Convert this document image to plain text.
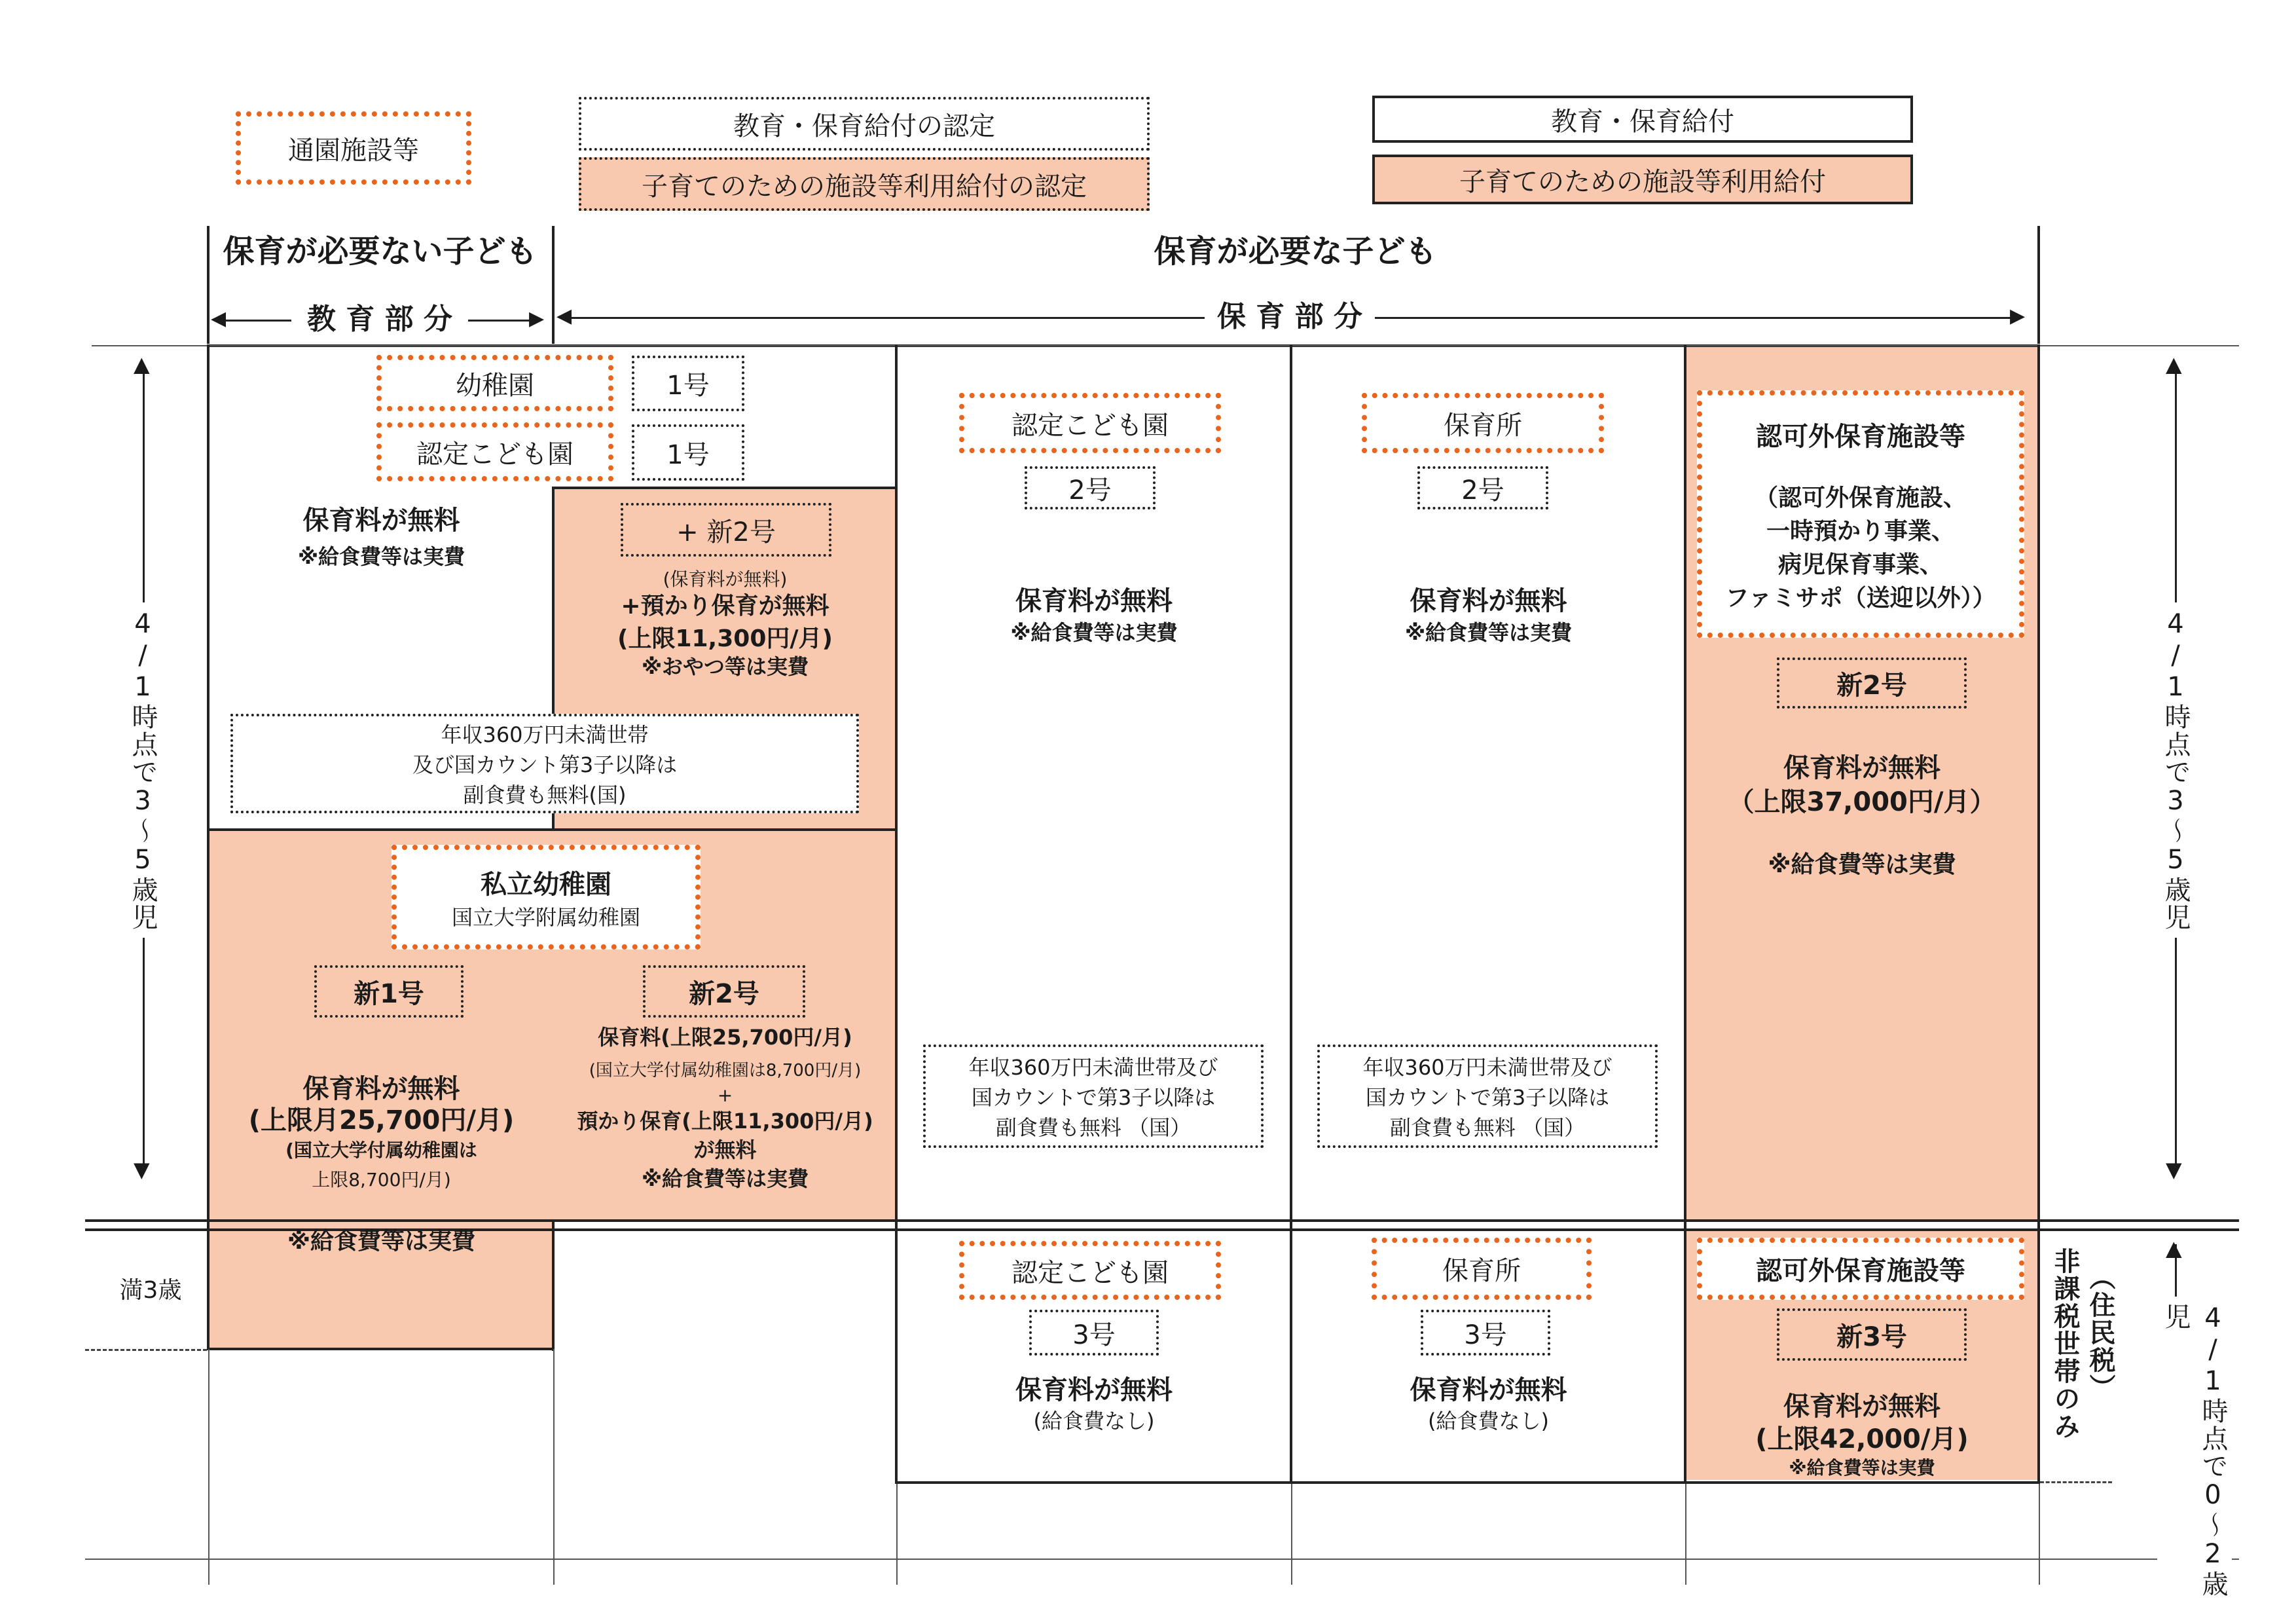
通園施設等
教育・保育給付の認定
子育てのための施設等利用給付の認定
教育・保育給付
子育てのための施設等利用給付
保育が必要ない子ども	保育が必要な子ども
◀	教 育 部 分	▶ ◀	保 育 部 分	▶
▲
▼
4/1時点で3～5歳児
満3歳
▲
▼
4/1時点で3～5歳児
非課税世帯のみ （住民税）
▲
4/1時点で0～2歳児
幼稚園	1号
認定こども園	1号
保育料が無料
※給食費等は実費
+ 新2号
(保育料が無料)
+預かり保育が無料
(上限11,300円/月)
※おやつ等は実費
年収360万円未満世帯
及び国カウント第3子以降は
副食費も無料(国)
私立幼稚園
国立大学附属幼稚園
新1号
保育料が無料
(上限月25,700円/月)
(国立大学付属幼稚園は
上限8,700円/月)
※給食費等は実費
新2号
保育料(上限25,700円/月)
(国立大学付属幼稚園は8,700円/月)
+
預かり保育(上限11,300円/月)
が無料
※給食費等は実費
認定こども園
2号
保育料が無料
※給食費等は実費
年収360万円未満世帯及び
国カウントで第3子以降は
副食費も無料 （国）
認定こども園
3号
保育料が無料
(給食費なし)
保育所
2号
保育料が無料
※給食費等は実費
年収360万円未満世帯及び
国カウントで第3子以降は
副食費も無料 （国）
保育所
3号
保育料が無料
(給食費なし)
認可外保育施設等
（認可外保育施設、
一時預かり事業、
病児保育事業、
ファミサポ（送迎以外））
新2号
保育料が無料
（上限37,000円/月）
※給食費等は実費
認可外保育施設等
新3号
保育料が無料
(上限42,000/月)
※給食費等は実費
